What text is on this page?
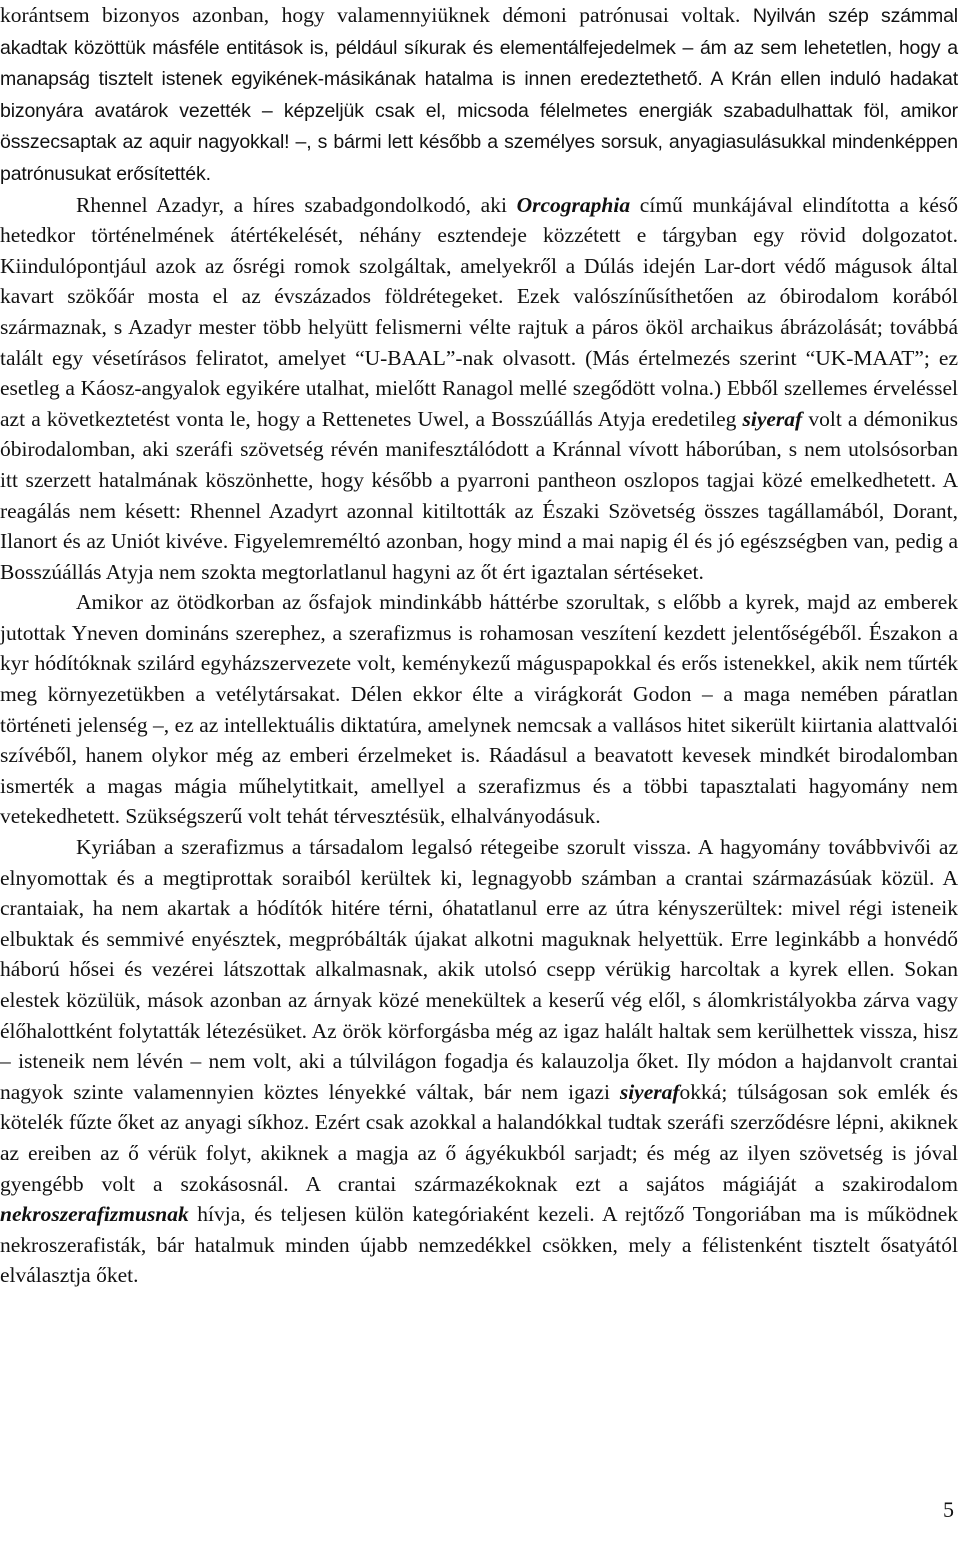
korántsem bizonyos azonban, hogy valamennyiüknek démoni patrónusai voltak. Nyilván szép számmal akadtak közöttük másféle entitások is, például síkurak és elementálfejedelmek – ám az sem lehetetlen, hogy a manapság tisztelt istenek egyikének-másikának hatalma is innen eredeztethető. A Krán ellen induló hadakat bizonyára avatárok vezették – képzeljük csak el, micsoda félelmetes energiák szabadulhattak föl, amikor összecsaptak az aquir nagyokkal! –, s bármi lett később a személyes sorsuk, anyagiasulásukkal mindenképpen patrónusukat erősítették.

Rhennel Azadyr, a híres szabadgondolkodó, aki Orcographia című munkájával elindította a késő hetedkor történelmének átértékelését, néhány esztendeje közzétett e tárgyban egy rövid dolgozatot. Kiindulópontjául azok az ősrégi romok szolgáltak, amelyekről a Dúlás idején Lar-dort védő mágusok által kavart szökőár mosta el az évszázados földrétegeket. Ezek valószínűsíthetően az óbirodalom korából származnak, s Azadyr mester több helyütt felismerni vélte rajtuk a páros ököl archaikus ábrázolását; továbbá talált egy vésetírásos feliratot, amelyet “U-BAAL”-nak olvasott. (Más értelmezés szerint “UK-MAAT”; ez esetleg a Káosz-angyalok egyikére utalhat, mielőtt Ranagol mellé szegődött volna.) Ebből szellemes érveléssel azt a következtetést vonta le, hogy a Rettenetes Uwel, a Bosszúállás Atyja eredetileg siyeraf volt a démonikus óbirodalomban, aki szeráfi szövetség révén manifesztálódott a Kránnal vívott háborúban, s nem utolsósorban itt szerzett hatalmának köszönhette, hogy később a pyarroni pantheon oszlopos tagjai közé emelkedhetett. A reagálás nem késett: Rhennel Azadyrt azonnal kitiltották az Északi Szövetség összes tagállamából, Dorant, Ilanort és az Uniót kivéve. Figyelemreméltó azonban, hogy mind a mai napig él és jó egészségben van, pedig a Bosszúállás Atyja nem szokta megtorlatlanul hagyni az őt ért igaztalan sértéseket.

Amikor az ötödkorban az ősfajok mindinkább háttérbe szorultak, s előbb a kyrek, majd az emberek jutottak Yneven domináns szerephez, a szerafizmus is rohamosan veszítení kezdett jelentőségéből. Északon a kyr hódítóknak szilárd egyházszervezete volt, keménykezű máguspapokkal és erős istenekkel, akik nem tűrték meg környezetükben a vetélytársakat. Délen ekkor élte a virágkorát Godon – a maga nemében páratlan történeti jelenség –, ez az intellektuális diktatúra, amelynek nemcsak a vallásos hitet sikerült kiirtania alattvalói szívéből, hanem olykor még az emberi érzelmeket is. Ráadásul a beavatott kevesek mindkét birodalomban ismerték a magas mágia műhelytitkait, amellyel a szerafizmus és a többi tapasztalati hagyomány nem vetekedhetett. Szükségszerű volt tehát térvesztésük, elhalványodásuk.

Kyriában a szerafizmus a társadalom legalsó rétegeibe szorult vissza. A hagyomány továbbvivői az elnyomottak és a megtiprottak soraiból kerültek ki, legnagyobb számban a crantai származásúak közül. A crantaiak, ha nem akartak a hódítók hitére térni, óhatatlanul erre az útra kényszerültek: mivel régi isteneik elbuktak és semmivé enyésztek, megpróbálták újakat alkotni maguknak helyettük. Erre leginkább a honvédő háború hősei és vezérei látszottak alkalmasnak, akik utolsó csepp vérükig harcoltak a kyrek ellen. Sokan elestek közülük, mások azonban az árnyak közé menekültek a keserű vég elől, s álomkristályokba zárva vagy élőhalottként folytatták létezésüket. Az örök körforgásba még az igaz halált haltak sem kerülhettek vissza, hisz – isteneik nem lévén – nem volt, aki a túlvilágon fogadja és kalauzolja őket. Ily módon a hajdanvolt crantai nagyok szinte valamennyien köztes lényekké váltak, bár nem igazi siyerafokká; túlságosan sok emlék és kötelék fűzte őket az anyagi síkhoz. Ezért csak azokkal a halandókkal tudtak szeráfi szerződésre lépni, akiknek az ereiben az ő vérük folyt, akiknek a magja az ő ágyékukból sarjadt; és még az ilyen szövetség is jóval gyengébb volt a szokásosnál. A crantai származékoknak ezt a sajátos mágiáját a szakirodalom nekroszerafizmusnak hívja, és teljesen külön kategóriaként kezeli. A rejtőző Tongoriában ma is működnek nekroszerafisták, bár hatalmuk minden újabb nemzedékkel csökken, mely a félistenként tisztelt ősatyától elválasztja őket.

5
